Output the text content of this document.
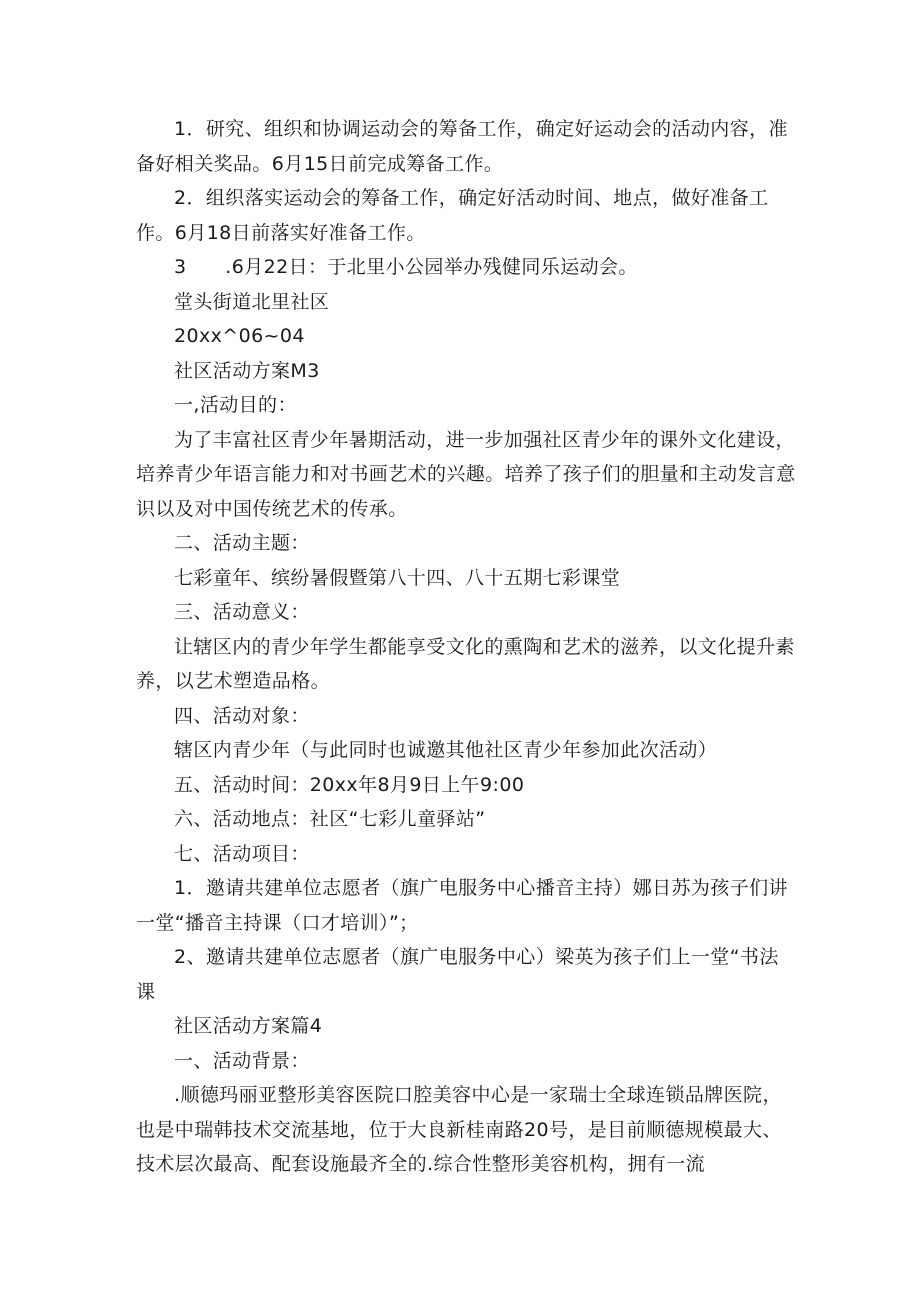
1．研究、组织和协调运动会的筹备工作，确定好运动会的活动内容，准备好相关奖品。6月15日前完成筹备工作。

2．组织落实运动会的筹备工作，确定好活动时间、地点，做好准备工作。6月18日前落实好准备工作。

3　　.6月22日：于北里小公园举办残健同乐运动会。

堂头街道北里社区

20xx^06~04

社区活动方案M3

一,活动目的：

为了丰富社区青少年暑期活动，进一步加强社区青少年的课外文化建设，培养青少年语言能力和对书画艺术的兴趣。培养了孩子们的胆量和主动发言意识以及对中国传统艺术的传承。

二、活动主题：

七彩童年、缤纷暑假暨第八十四、八十五期七彩课堂

三、活动意义：

让辖区内的青少年学生都能享受文化的熏陶和艺术的滋养，以文化提升素养，以艺术塑造品格。

四、活动对象：

辖区内青少年（与此同时也诚邀其他社区青少年参加此次活动）

五、活动时间：20xx年8月9日上午9:00

六、活动地点：社区“七彩儿童驿站”

七、活动项目：

1．邀请共建单位志愿者（旗广电服务中心播音主持）娜日苏为孩子们讲一堂“播音主持课（口才培训）”；

2、邀请共建单位志愿者（旗广电服务中心）梁英为孩子们上一堂“书法课

社区活动方案篇4

一、活动背景：

.顺德玛丽亚整形美容医院口腔美容中心是一家瑞士全球连锁品牌医院，也是中瑞韩技术交流基地，位于大良新桂南路20号，是目前顺德规模最大、技术层次最高、配套设施最齐全的.综合性整形美容机构，拥有一流
